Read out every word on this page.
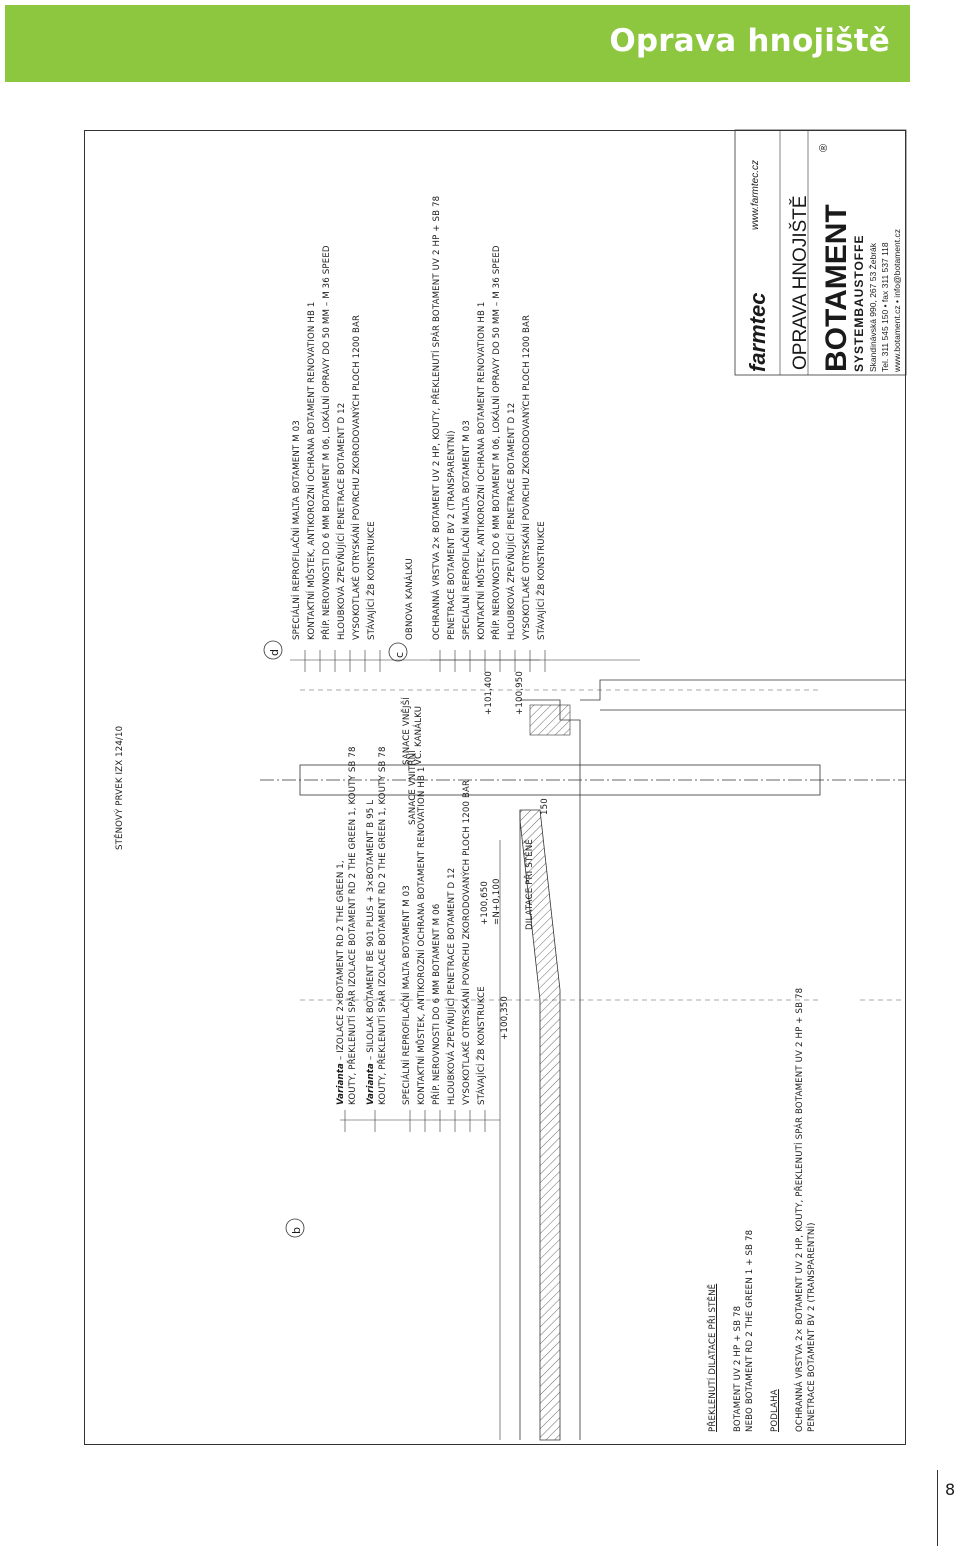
Oprava hnojiště
STĚNOVÝ PRVEK IZX 124/10
d	c
b
SPECIÁLNÍ REPROFILAČNÍ MALTA BOTAMENT M 03 KONTAKTNÍ MŮSTEK, ANTIKOROZNÍ OCHRANA BOTAMENT RENOVATION HB 1 PŘÍP. NEROVNOSTI DO 6 MM BOTAMENT M 06, LOKÁLNÍ OPRAVY DO 50 MM – M 36 SPEED HLOUBKOVÁ ZPEVŇUJÍCÍ PENETRACE BOTAMENT D 12 VYSOKOTLAKÉ OTRYSKÁNÍ POVRCHU ZKORODOVANÝCH PLOCH 1200 BAR STÁVAJÍCÍ ŽB KONSTRUKCE	OBNOVA KANÁLKU OCHRANNÁ VRSTVA 2× BOTAMENT UV 2 HP, KOUTY, PŘEKLENUTÍ SPÁR BOTAMENT UV 2 HP + SB 78 PENETRACE BOTAMENT BV 2 (TRANSPARENTNÍ) SPECIÁLNÍ REPROFILAČNÍ MALTA BOTAMENT M 03 KONTAKTNÍ MŮSTEK, ANTIKOROZNÍ OCHRANA BOTAMENT RENOVATION HB 1 PŘÍP. NEROVNOSTI DO 6 MM BOTAMENT M 06, LOKÁLNÍ OPRAVY DO 50 MM – M 36 SPEED HLOUBKOVÁ ZPEVŇUJÍCÍ PENETRACE BOTAMENT D 12 VYSOKOTLAKÉ OTRYSKÁNÍ POVRCHU ZKORODOVANÝCH PLOCH 1200 BAR STÁVAJÍCÍ ŽB KONSTRUKCE
SANACE VNITŘNÍ
SANACE VNĚJŠÍ VČ. KANÁLKU
+101,400 +100,950
150
DILATACE PŘI STĚNĚ
+100,650 =N+0,100
+100,350
Varianta – IZOLACE 2×BOTAMENT RD 2 THE GREEN 1, KOUTY, PŘEKLENUTÍ SPÁR IZOLACE BOTAMENT RD 2 THE GREEN 1, KOUTY SB 78 Varianta – SILOLAK BOTAMENT BE 901 PLUS + 3×BOTAMENT B 95 L KOUTY, PŘEKLENUTÍ SPÁR IZOLACE BOTAMENT RD 2 THE GREEN 1, KOUTY SB 78 SPECIÁLNÍ REPROFILAČNÍ MALTA BOTAMENT M 03 KONTAKTNÍ MŮSTEK, ANTIKOROZNÍ OCHRANA BOTAMENT RENOVATION HB 1 PŘÍP. NEROVNOSTI DO 6 MM BOTAMENT M 06 HLOUBKOVÁ ZPEVŇUJÍCÍ PENETRACE BOTAMENT D 12 VYSOKOTLAKÉ OTRYSKÁNÍ POVRCHU ZKORODOVANÝCH PLOCH 1200 BAR STÁVAJÍCÍ ŽB KONSTRUKCE
PŘEKLENUTÍ DILATACE PŘI STĚNĚ BOTAMENT UV 2 HP + SB 78 NEBO BOTAMENT RD 2 THE GREEN 1 + SB 78 PODLAHA OCHRANNÁ VRSTVA 2× BOTAMENT UV 2 HP, KOUTY, PŘEKLENUTÍ SPÁR BOTAMENT UV 2 HP + SB 78 PENETRACE BOTAMENT BV 2 (TRANSPARENTNÍ)
farmtec
www.farmtec.cz
OPRAVA HNOJIŠTĚ BOTAMENT
®
SYSTEMBAUSTOFFE Skandinávská 990, 267 53 Žebrák Tel. 311 545 150 • fax 311 537 118 www.botament.cz • info@botament.cz
8
